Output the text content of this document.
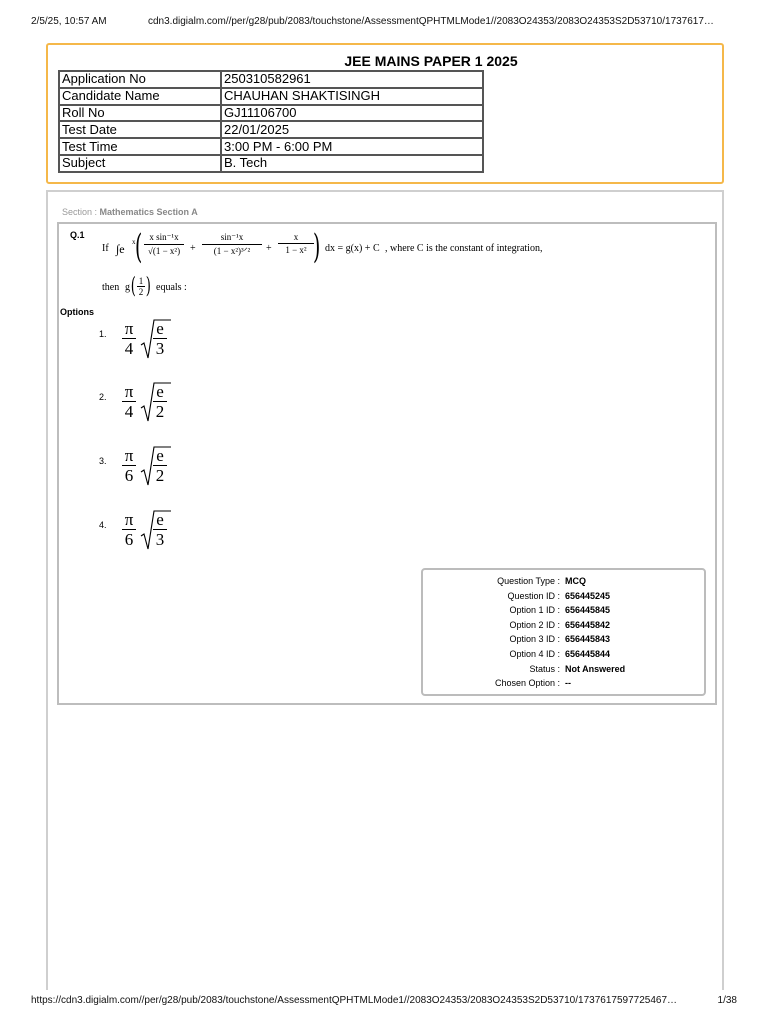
2/5/25, 10:57 AM	cdn3.digialm.com//per/g28/pub/2083/touchstone/AssessmentQPHTMLMode1//2083O24353/2083O24353S2D53710/1737617…
JEE MAINS PAPER 1 2025
Application No	250310582961
Candidate Name	CHAUHAN SHAKTISINGH
Roll No	GJ11106700
Test Date	22/01/2025
Test Time	3:00 PM - 6:00 PM
Subject	B. Tech
Section : Mathematics Section A
Q.1
If ∫e x ( $\frac{\text{x sin⁻¹x}}{\text{√(1 − x²)}}$ +
sin⁻¹x
(1 − x²)³ᐟ²	+ $\frac{x}{\text{1 − x²}}$
) dx = g(x) + C , where C is the constant of integration,
then g ( $\frac{1}{2}$ ) equals :
Options
1. $\frac{\pi}{4} \frac{e}{3}$
2. $\frac{\pi}{4} \frac{e}{2}$
3. $\frac{\pi}{6} \frac{e}{2}$
4. $\frac{\pi}{6} \frac{e}{3}$
Question Type : MCQ
Question ID : 656445245
Option 1 ID : 656445845
Option 2 ID : 656445842
Option 3 ID : 656445843
Option 4 ID : 656445844
Status : Not Answered
Chosen Option : --
https://cdn3.digialm.com//per/g28/pub/2083/touchstone/AssessmentQPHTMLMode1//2083O24353/2083O24353S2D53710/1737617597725467…	1/38
